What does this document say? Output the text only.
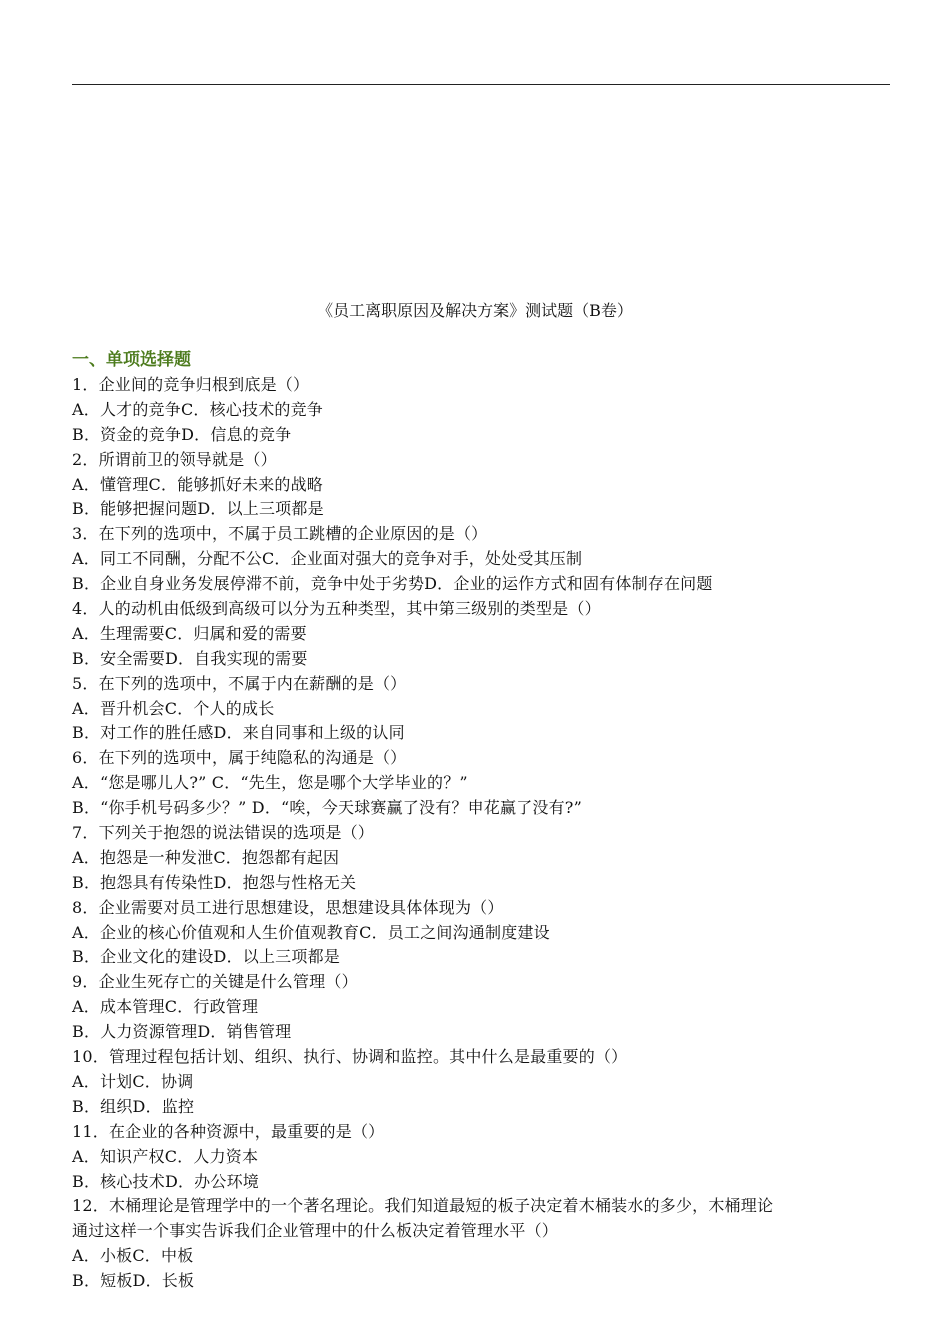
《员工离职原因及解决方案》测试题（B卷）
一、单项选择题
1．企业间的竞争归根到底是（）
A．人才的竞争C．核心技术的竞争
B．资金的竞争D．信息的竞争
2．所谓前卫的领导就是（）
A．懂管理C．能够抓好未来的战略
B．能够把握问题D．以上三项都是
3．在下列的选项中，不属于员工跳槽的企业原因的是（）
A．同工不同酬，分配不公C．企业面对强大的竞争对手，处处受其压制
B．企业自身业务发展停滞不前，竞争中处于劣势D．企业的运作方式和固有体制存在问题
4．人的动机由低级到高级可以分为五种类型，其中第三级别的类型是（）
A．生理需要C．归属和爱的需要
B．安全需要D．自我实现的需要
5．在下列的选项中，不属于内在薪酬的是（）
A．晋升机会C．个人的成长
B．对工作的胜任感D．来自同事和上级的认同
6．在下列的选项中，属于纯隐私的沟通是（）
A．“您是哪儿人?” C．“先生，您是哪个大学毕业的？”
B．“你手机号码多少？” D．“唉，今天球赛赢了没有？申花赢了没有?”
7．下列关于抱怨的说法错误的选项是（）
A．抱怨是一种发泄C．抱怨都有起因
B．抱怨具有传染性D．抱怨与性格无关
8．企业需要对员工进行思想建设，思想建设具体体现为（）
A．企业的核心价值观和人生价值观教育C．员工之间沟通制度建设
B．企业文化的建设D．以上三项都是
9．企业生死存亡的关键是什么管理（）
A．成本管理C．行政管理
B．人力资源管理D．销售管理
10．管理过程包括计划、组织、执行、协调和监控。其中什么是最重要的（）
A．计划C．协调
B．组织D．监控
11．在企业的各种资源中，最重要的是（）
A．知识产权C．人力资本
B．核心技术D．办公环境
12．木桶理论是管理学中的一个著名理论。我们知道最短的板子决定着木桶装水的多少，木桶理论
通过这样一个事实告诉我们企业管理中的什么板决定着管理水平（）
A．小板C．中板
B．短板D．长板
